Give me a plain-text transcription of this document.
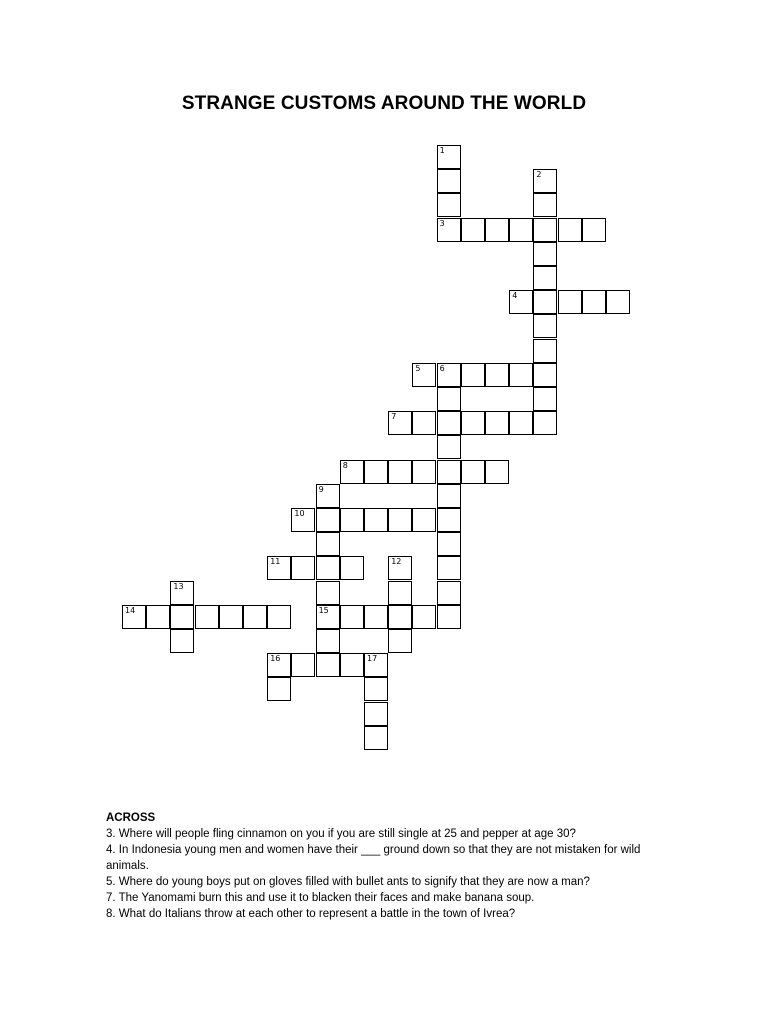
STRANGE CUSTOMS AROUND THE WORLD
1
3
2
4
5 6
7
8
9
15
10
11	12
13
14
16	17
ACROSS

3. Where will people fling cinnamon on you if you are still single at 25 and pepper at age 30?

4. In Indonesia young men and women have their ___ ground down so that they are not mistaken for wild animals.

5. Where do young boys put on gloves filled with bullet ants to signify that they are now a man?

7. The Yanomami burn this and use it to blacken their faces and make banana soup.

8. What do Italians throw at each other to represent a battle in the town of Ivrea?
